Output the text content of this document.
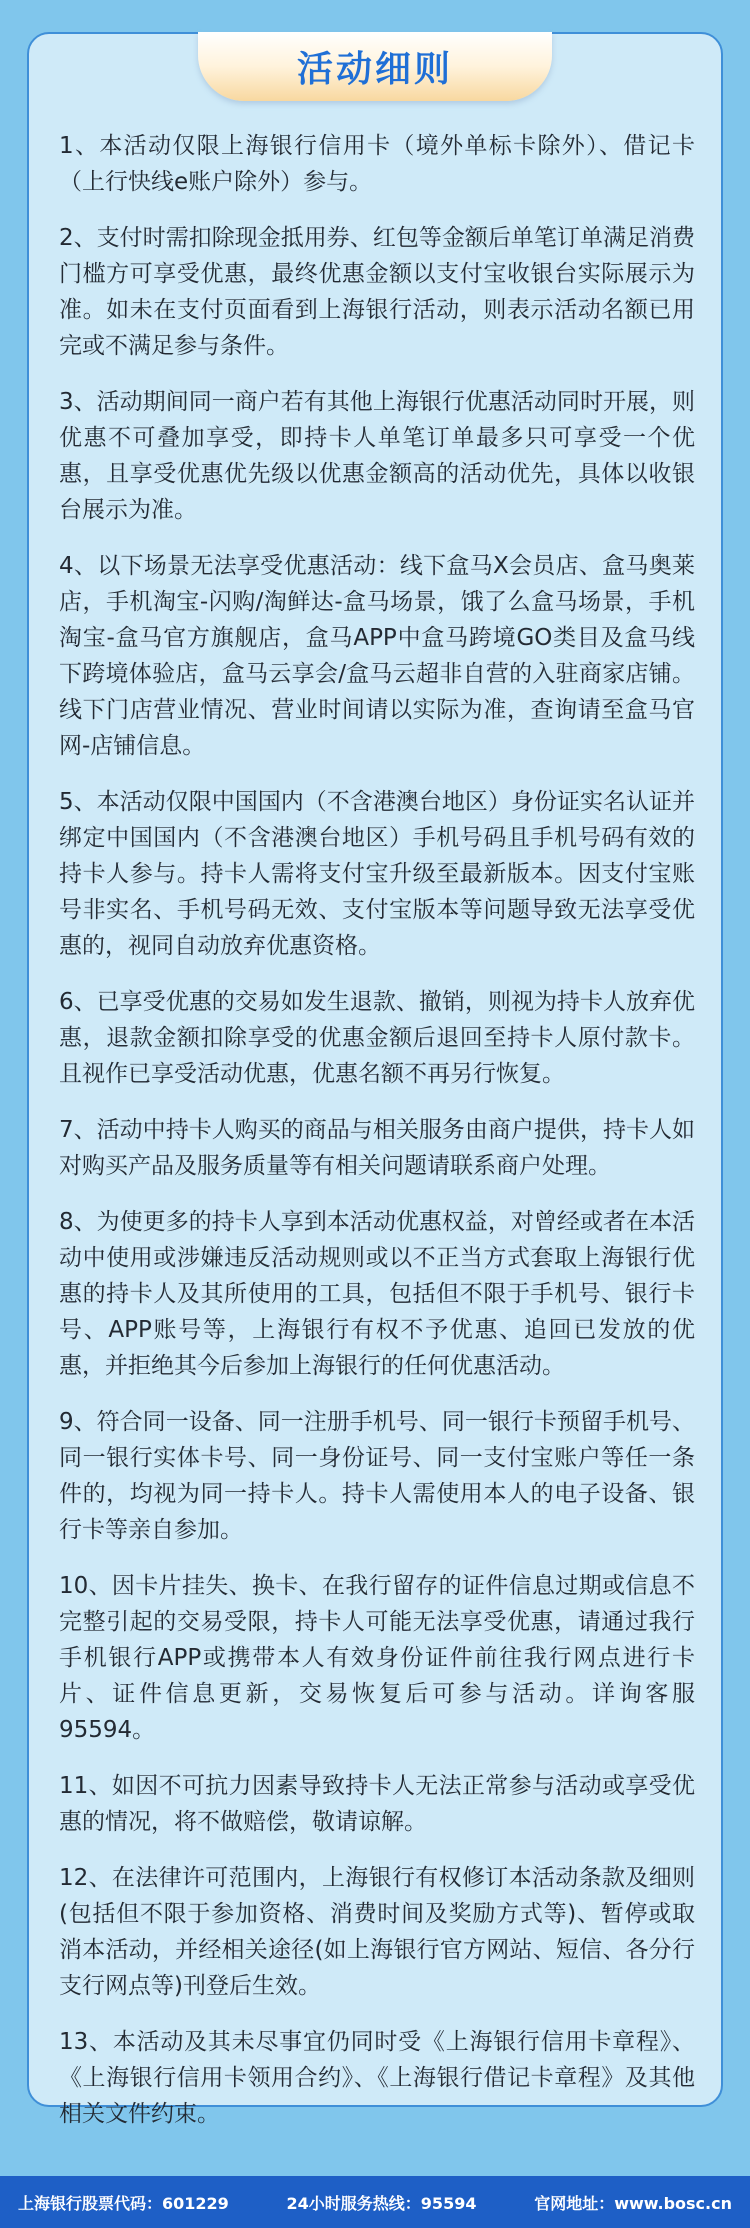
活动细则

1、本活动仅限上海银行信用卡（境外单标卡除外）、借记卡（上行快线e账户除外）参与。

2、支付时需扣除现金抵用券、红包等金额后单笔订单满足消费门槛方可享受优惠，最终优惠金额以支付宝收银台实际展示为准。如未在支付页面看到上海银行活动，则表示活动名额已用完或不满足参与条件。

3、活动期间同一商户若有其他上海银行优惠活动同时开展，则优惠不可叠加享受，即持卡人单笔订单最多只可享受一个优惠，且享受优惠优先级以优惠金额高的活动优先，具体以收银台展示为准。

4、以下场景无法享受优惠活动：线下盒马X会员店、盒马奥莱店，手机淘宝-闪购/淘鲜达-盒马场景，饿了么盒马场景，手机淘宝-盒马官方旗舰店，盒马APP中盒马跨境GO类目及盒马线下跨境体验店，盒马云享会/盒马云超非自营的入驻商家店铺。线下门店营业情况、营业时间请以实际为准，查询请至盒马官网-店铺信息。

5、本活动仅限中国国内（不含港澳台地区）身份证实名认证并绑定中国国内（不含港澳台地区）手机号码且手机号码有效的持卡人参与。持卡人需将支付宝升级至最新版本。因支付宝账号非实名、手机号码无效、支付宝版本等问题导致无法享受优惠的，视同自动放弃优惠资格。

6、已享受优惠的交易如发生退款、撤销，则视为持卡人放弃优惠，退款金额扣除享受的优惠金额后退回至持卡人原付款卡。且视作已享受活动优惠，优惠名额不再另行恢复。

7、活动中持卡人购买的商品与相关服务由商户提供，持卡人如对购买产品及服务质量等有相关问题请联系商户处理。

8、为使更多的持卡人享到本活动优惠权益，对曾经或者在本活动中使用或涉嫌违反活动规则或以不正当方式套取上海银行优惠的持卡人及其所使用的工具，包括但不限于手机号、银行卡号、APP账号等，上海银行有权不予优惠、追回已发放的优惠，并拒绝其今后参加上海银行的任何优惠活动。

9、符合同一设备、同一注册手机号、同一银行卡预留手机号、同一银行实体卡号、同一身份证号、同一支付宝账户等任一条件的，均视为同一持卡人。持卡人需使用本人的电子设备、银行卡等亲自参加。

10、因卡片挂失、换卡、在我行留存的证件信息过期或信息不完整引起的交易受限，持卡人可能无法享受优惠，请通过我行手机银行APP或携带本人有效身份证件前往我行网点进行卡片、证件信息更新，交易恢复后可参与活动。详询客服95594。

11、如因不可抗力因素导致持卡人无法正常参与活动或享受优惠的情况，将不做赔偿，敬请谅解。

12、在法律许可范围内，上海银行有权修订本活动条款及细则(包括但不限于参加资格、消费时间及奖励方式等)、暂停或取消本活动，并经相关途径(如上海银行官方网站、短信、各分行支行网点等)刊登后生效。

13、本活动及其未尽事宜仍同时受《上海银行信用卡章程》、《上海银行信用卡领用合约》、《上海银行借记卡章程》及其他相关文件约束。

上海银行股票代码：601229	24小时服务热线：95594	官网地址：www.bosc.cn
